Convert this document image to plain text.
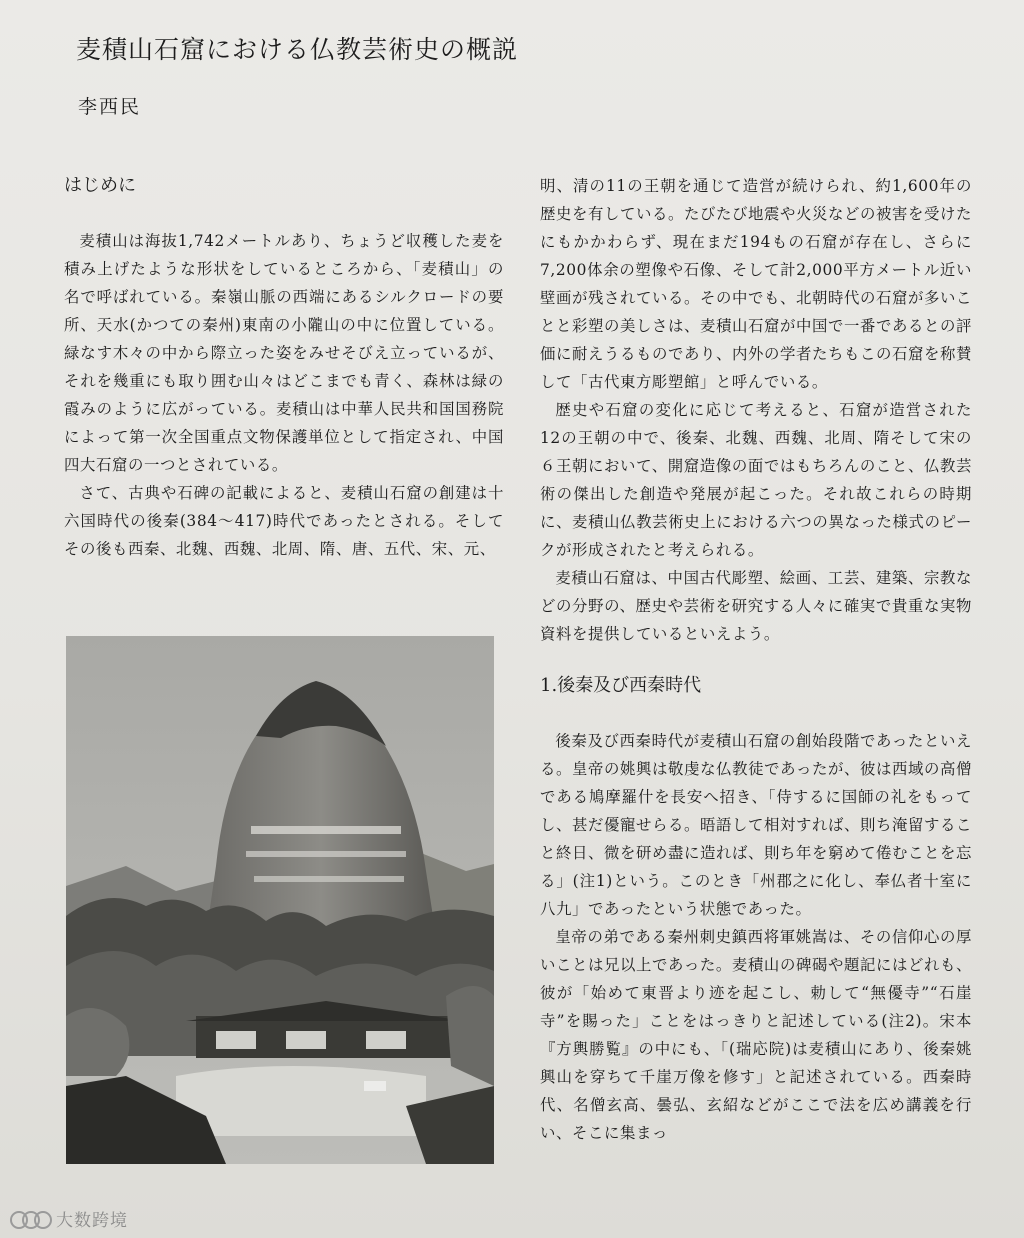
麦積山石窟における仏教芸術史の概説
李西民
はじめに

麦積山は海抜1,742メートルあり、ちょうど収穫した麦を積み上げたような形状をしているところから、「麦積山」の名で呼ばれている。秦嶺山脈の西端にあるシルクロードの要所、天水(かつての秦州)東南の小隴山の中に位置している。緑なす木々の中から際立った姿をみせそびえ立っているが、それを幾重にも取り囲む山々はどこまでも青く、森林は緑の霞みのように広がっている。麦積山は中華人民共和国国務院によって第一次全国重点文物保護単位として指定され、中国四大石窟の一つとされている。

さて、古典や石碑の記載によると、麦積山石窟の創建は十六国時代の後秦(384～417)時代であったとされる。そしてその後も西秦、北魏、西魏、北周、隋、唐、五代、宋、元、

明、清の11の王朝を通じて造営が続けられ、約1,600年の歴史を有している。たびたび地震や火災などの被害を受けたにもかかわらず、現在まだ194もの石窟が存在し、さらに7,200体余の塑像や石像、そして計2,000平方メートル近い壁画が残されている。その中でも、北朝時代の石窟が多いことと彩塑の美しさは、麦積山石窟が中国で一番であるとの評価に耐えうるものであり、内外の学者たちもこの石窟を称賛して「古代東方彫塑館」と呼んでいる。

歴史や石窟の変化に応じて考えると、石窟が造営された12の王朝の中で、後秦、北魏、西魏、北周、隋そして宋の６王朝において、開窟造像の面ではもちろんのこと、仏教芸術の傑出した創造や発展が起こった。それ故これらの時期に、麦積山仏教芸術史上における六つの異なった様式のピークが形成されたと考えられる。

麦積山石窟は、中国古代彫塑、絵画、工芸、建築、宗教などの分野の、歴史や芸術を研究する人々に確実で貴重な実物資料を提供しているといえよう。

1.後秦及び西秦時代

後秦及び西秦時代が麦積山石窟の創始段階であったといえる。皇帝の姚興は敬虔な仏教徒であったが、彼は西域の高僧である鳩摩羅什を長安へ招き、「侍するに国師の礼をもってし、甚だ優寵せらる。晤語して相対すれば、則ち淹留すること終日、微を研め盡に造れば、則ち年を窮めて倦むことを忘る」(注1)という。このとき「州郡之に化し、奉仏者十室に八九」であったという状態であった。

皇帝の弟である秦州刺史鎮西将軍姚嵩は、その信仰心の厚いことは兄以上であった。麦積山の碑碣や題記にはどれも、彼が「始めて東晋より迹を起こし、勅して“無優寺”“石崖寺”を賜った」ことをはっきりと記述している(注2)。宋本『方輿勝覧』の中にも、「(瑞応院)は麦積山にあり、後秦姚興山を穿ちて千崖万像を修す」と記述されている。西秦時代、名僧玄高、曇弘、玄紹などがここで法を広め講義を行い、そこに集まっ

大数跨境
